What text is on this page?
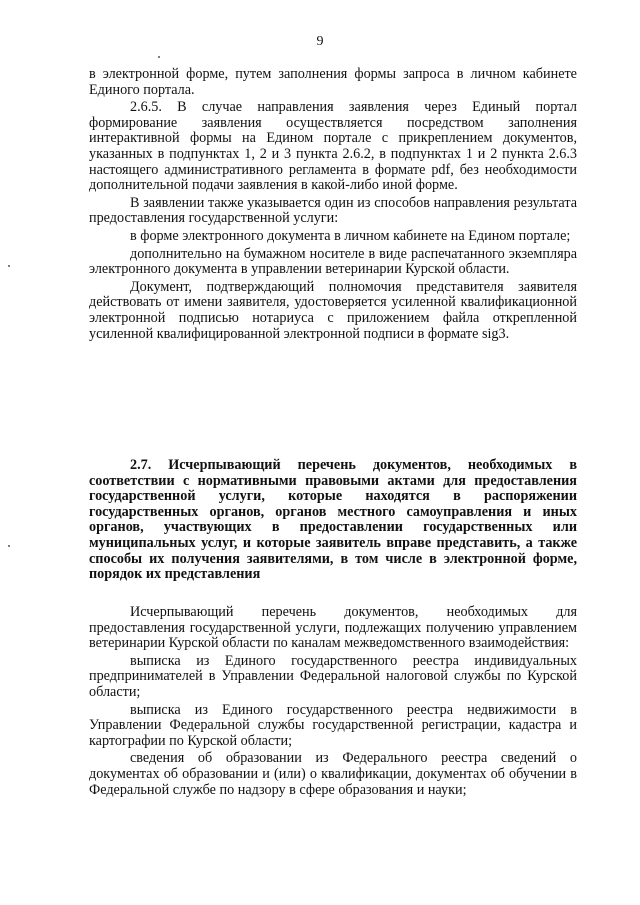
9

в электронной форме, путем заполнения формы запроса в личном кабинете Единого портала.

2.6.5. В случае направления заявления через Единый портал формирование заявления осуществляется посредством заполнения интерактивной формы на Едином портале с прикреплением документов, указанных в подпунктах 1, 2 и 3 пункта 2.6.2, в подпунктах 1 и 2 пункта 2.6.3 настоящего административного регламента в формате pdf, без необходимости дополнительной подачи заявления в какой-либо иной форме.

В заявлении также указывается один из способов направления результата предоставления государственной услуги:

в форме электронного документа в личном кабинете на Едином портале;

дополнительно на бумажном носителе в виде распечатанного экземпляра электронного документа в управлении ветеринарии Курской области.

Документ, подтверждающий полномочия представителя заявителя действовать от имени заявителя, удостоверяется усиленной квалификационной электронной подписью нотариуса с приложением файла открепленной усиленной квалифицированной электронной подписи в формате sig3.

2.7. Исчерпывающий перечень документов, необходимых в соответствии с нормативными правовыми актами для предоставления государственной услуги, которые находятся в распоряжении государственных органов, органов местного самоуправления и иных органов, участвующих в предоставлении государственных или муниципальных услуг, и которые заявитель вправе представить, а также способы их получения заявителями, в том числе в электронной форме, порядок их представления

Исчерпывающий перечень документов, необходимых для предоставления государственной услуги, подлежащих получению управлением ветеринарии Курской области по каналам межведомственного взаимодействия:

выписка из Единого государственного реестра индивидуальных предпринимателей в Управлении Федеральной налоговой службы по Курской области;

выписка из Единого государственного реестра недвижимости в Управлении Федеральной службы государственной регистрации, кадастра и картографии по Курской области;

сведения об образовании из Федерального реестра сведений о документах об образовании и (или) о квалификации, документах об обучении в Федеральной службе по надзору в сфере образования и науки;
